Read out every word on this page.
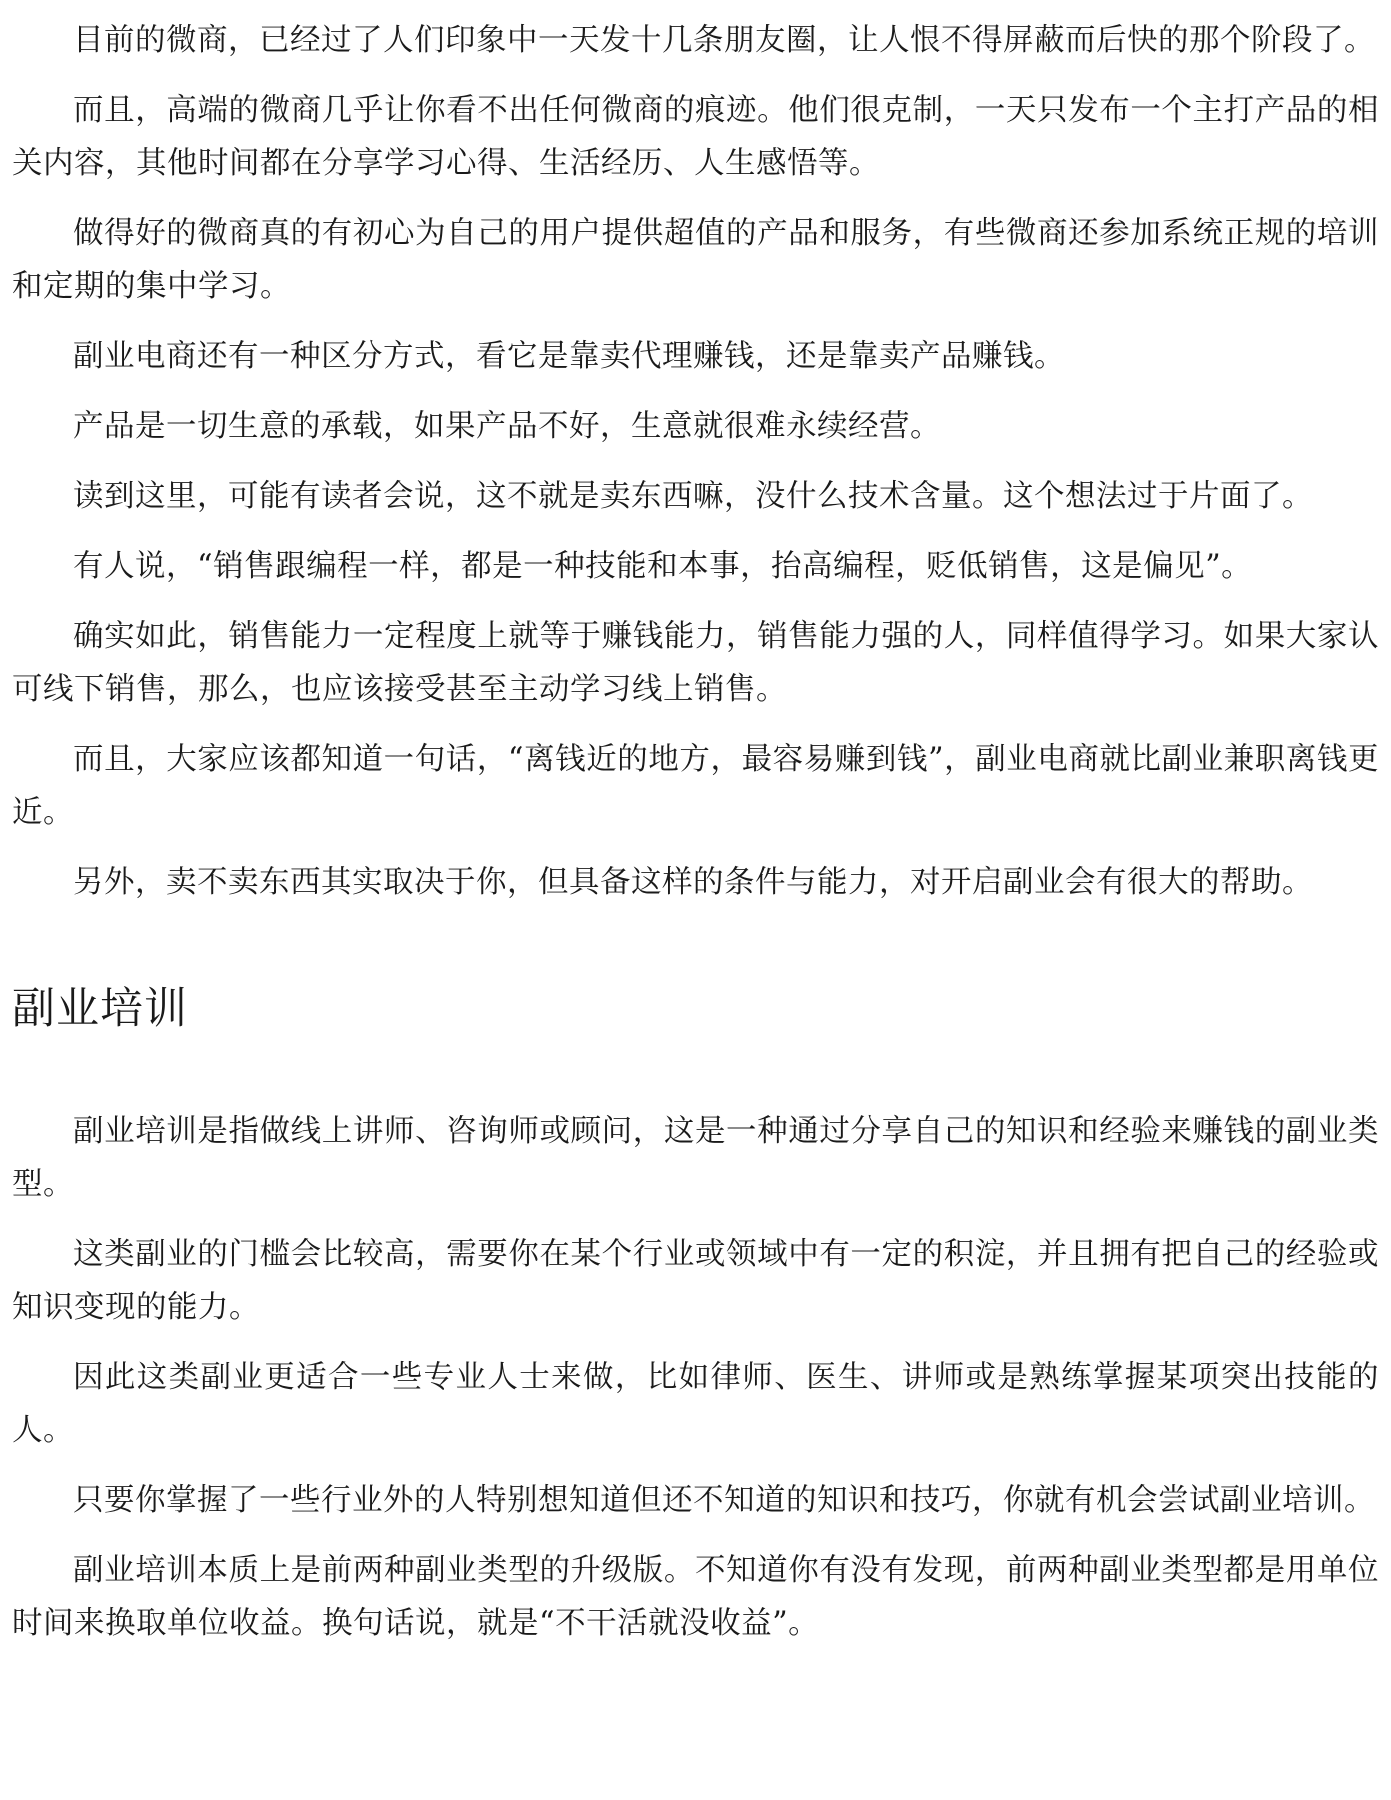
目前的微商，已经过了人们印象中一天发十几条朋友圈，让人恨不得屏蔽而后快的那个阶段了。

而且，高端的微商几乎让你看不出任何微商的痕迹。他们很克制，一天只发布一个主打产品的相关内容，其他时间都在分享学习心得、生活经历、人生感悟等。

做得好的微商真的有初心为自己的用户提供超值的产品和服务，有些微商还参加系统正规的培训和定期的集中学习。

副业电商还有一种区分方式，看它是靠卖代理赚钱，还是靠卖产品赚钱。

产品是一切生意的承载，如果产品不好，生意就很难永续经营。

读到这里，可能有读者会说，这不就是卖东西嘛，没什么技术含量。这个想法过于片面了。

有人说，“销售跟编程一样，都是一种技能和本事，抬高编程，贬低销售，这是偏见”。

确实如此，销售能力一定程度上就等于赚钱能力，销售能力强的人，同样值得学习。如果大家认可线下销售，那么，也应该接受甚至主动学习线上销售。

而且，大家应该都知道一句话，“离钱近的地方，最容易赚到钱”，副业电商就比副业兼职离钱更近。

另外，卖不卖东西其实取决于你，但具备这样的条件与能力，对开启副业会有很大的帮助。

副业培训

副业培训是指做线上讲师、咨询师或顾问，这是一种通过分享自己的知识和经验来赚钱的副业类型。

这类副业的门槛会比较高，需要你在某个行业或领域中有一定的积淀，并且拥有把自己的经验或知识变现的能力。

因此这类副业更适合一些专业人士来做，比如律师、医生、讲师或是熟练掌握某项突出技能的人。

只要你掌握了一些行业外的人特别想知道但还不知道的知识和技巧，你就有机会尝试副业培训。

副业培训本质上是前两种副业类型的升级版。不知道你有没有发现，前两种副业类型都是用单位时间来换取单位收益。换句话说，就是“不干活就没收益”。
